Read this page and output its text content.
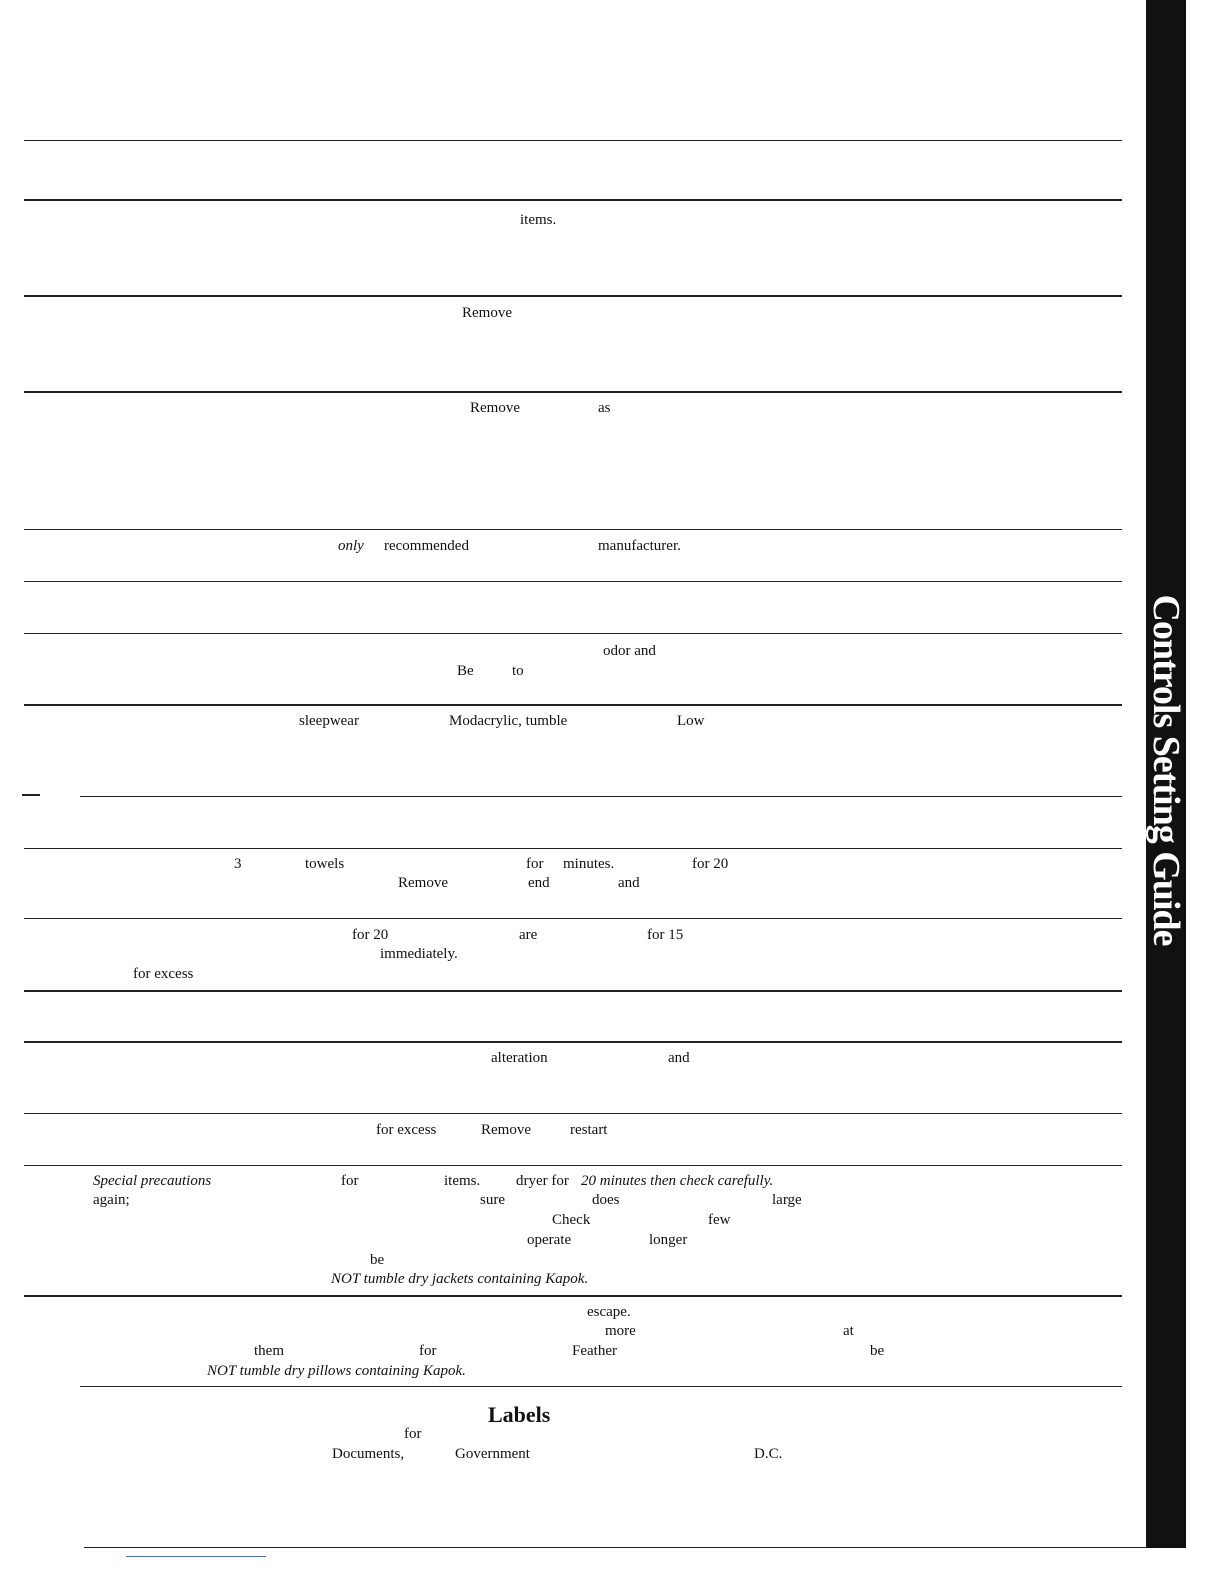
Controls Setting Guide
items.
Remove
Remove	as
only recommended	manufacturer.
odor and
Be	to
sleepwear	Modacrylic, tumble	Low
3	towels	for minutes.	for 20
Remove	end	and
for 20	are	for 15
immediately.
for excess
alteration	and
for excess	Remove	restart
Special precautions	for	items. dryer for 20 minutes then check carefully.
again;	sure	does	large
Check	few
operate	longer
be
NOT tumble dry jackets containing Kapok.
escape.
more	at
them	for	Feather	be
NOT tumble dry pillows containing Kapok.
Labels
for
Documents,	Government	D.C.
